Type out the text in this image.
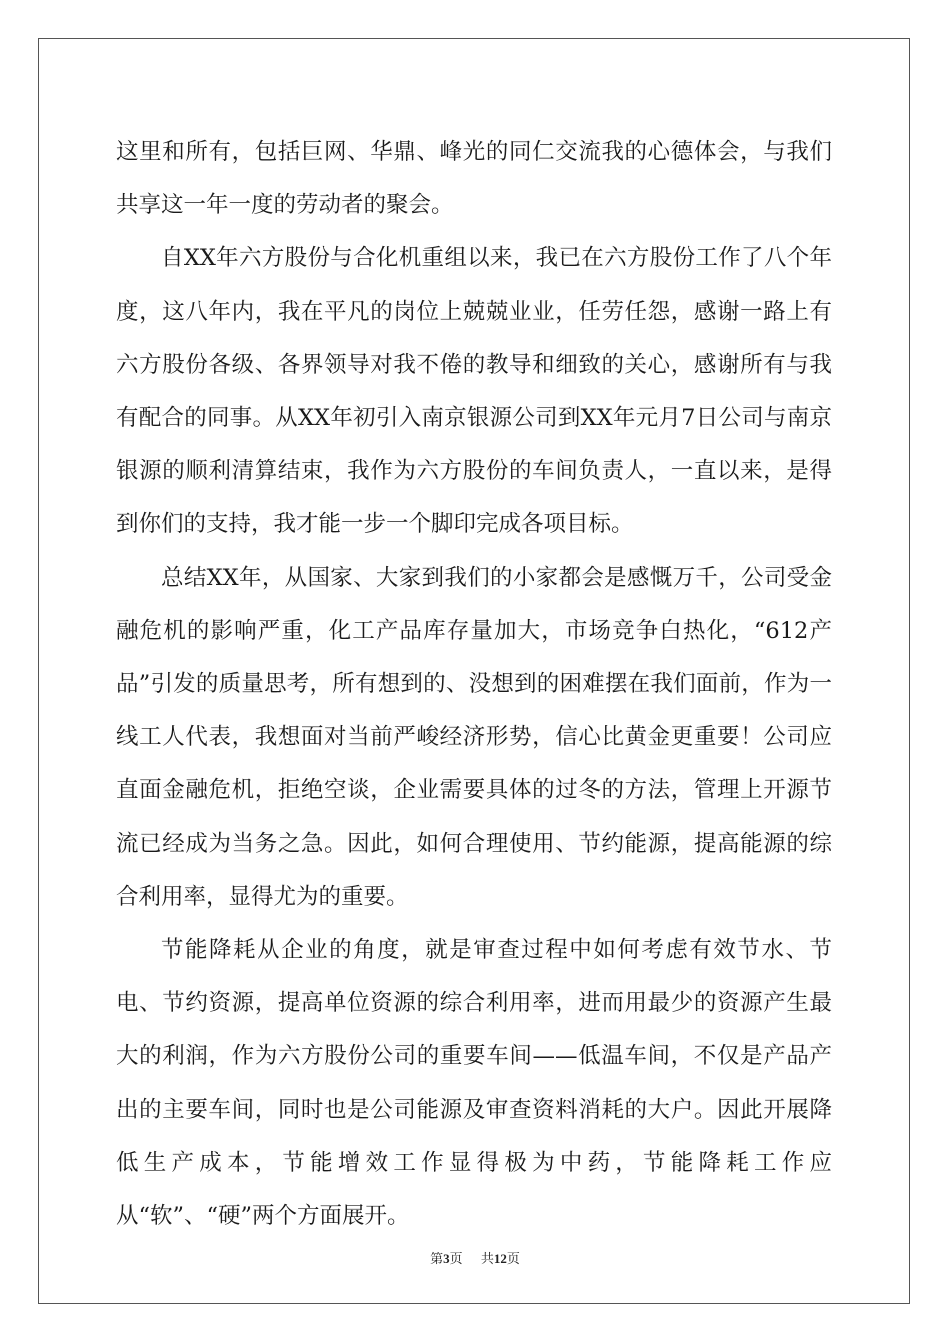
这里和所有，包括巨网、华鼎、峰光的同仁交流我的心德体会，与我们共享这一年一度的劳动者的聚会。

自XX年六方股份与合化机重组以来，我已在六方股份工作了八个年度，这八年内，我在平凡的岗位上兢兢业业，任劳任怨，感谢一路上有六方股份各级、各界领导对我不倦的教导和细致的关心，感谢所有与我有配合的同事。从XX年初引入南京银源公司到XX年元月7日公司与南京银源的顺利清算结束，我作为六方股份的车间负责人，一直以来，是得到你们的支持，我才能一步一个脚印完成各项目标。

总结XX年，从国家、大家到我们的小家都会是感慨万千，公司受金融危机的影响严重，化工产品库存量加大，市场竞争白热化，“612产品”引发的质量思考，所有想到的、没想到的困难摆在我们面前，作为一线工人代表，我想面对当前严峻经济形势，信心比黄金更重要！公司应直面金融危机，拒绝空谈，企业需要具体的过冬的方法，管理上开源节流已经成为当务之急。因此，如何合理使用、节约能源，提高能源的综合利用率，显得尤为的重要。

节能降耗从企业的角度，就是审查过程中如何考虑有效节水、节电、节约资源，提高单位资源的综合利用率，进而用最少的资源产生最大的利润，作为六方股份公司的重要车间——低温车间，不仅是产品产出的主要车间，同时也是公司能源及审查资料消耗的大户。因此开展降低生产成本，节能增效工作显得极为中药，节能降耗工作应从“软”、“硬”两个方面展开。

第3页 共12页
